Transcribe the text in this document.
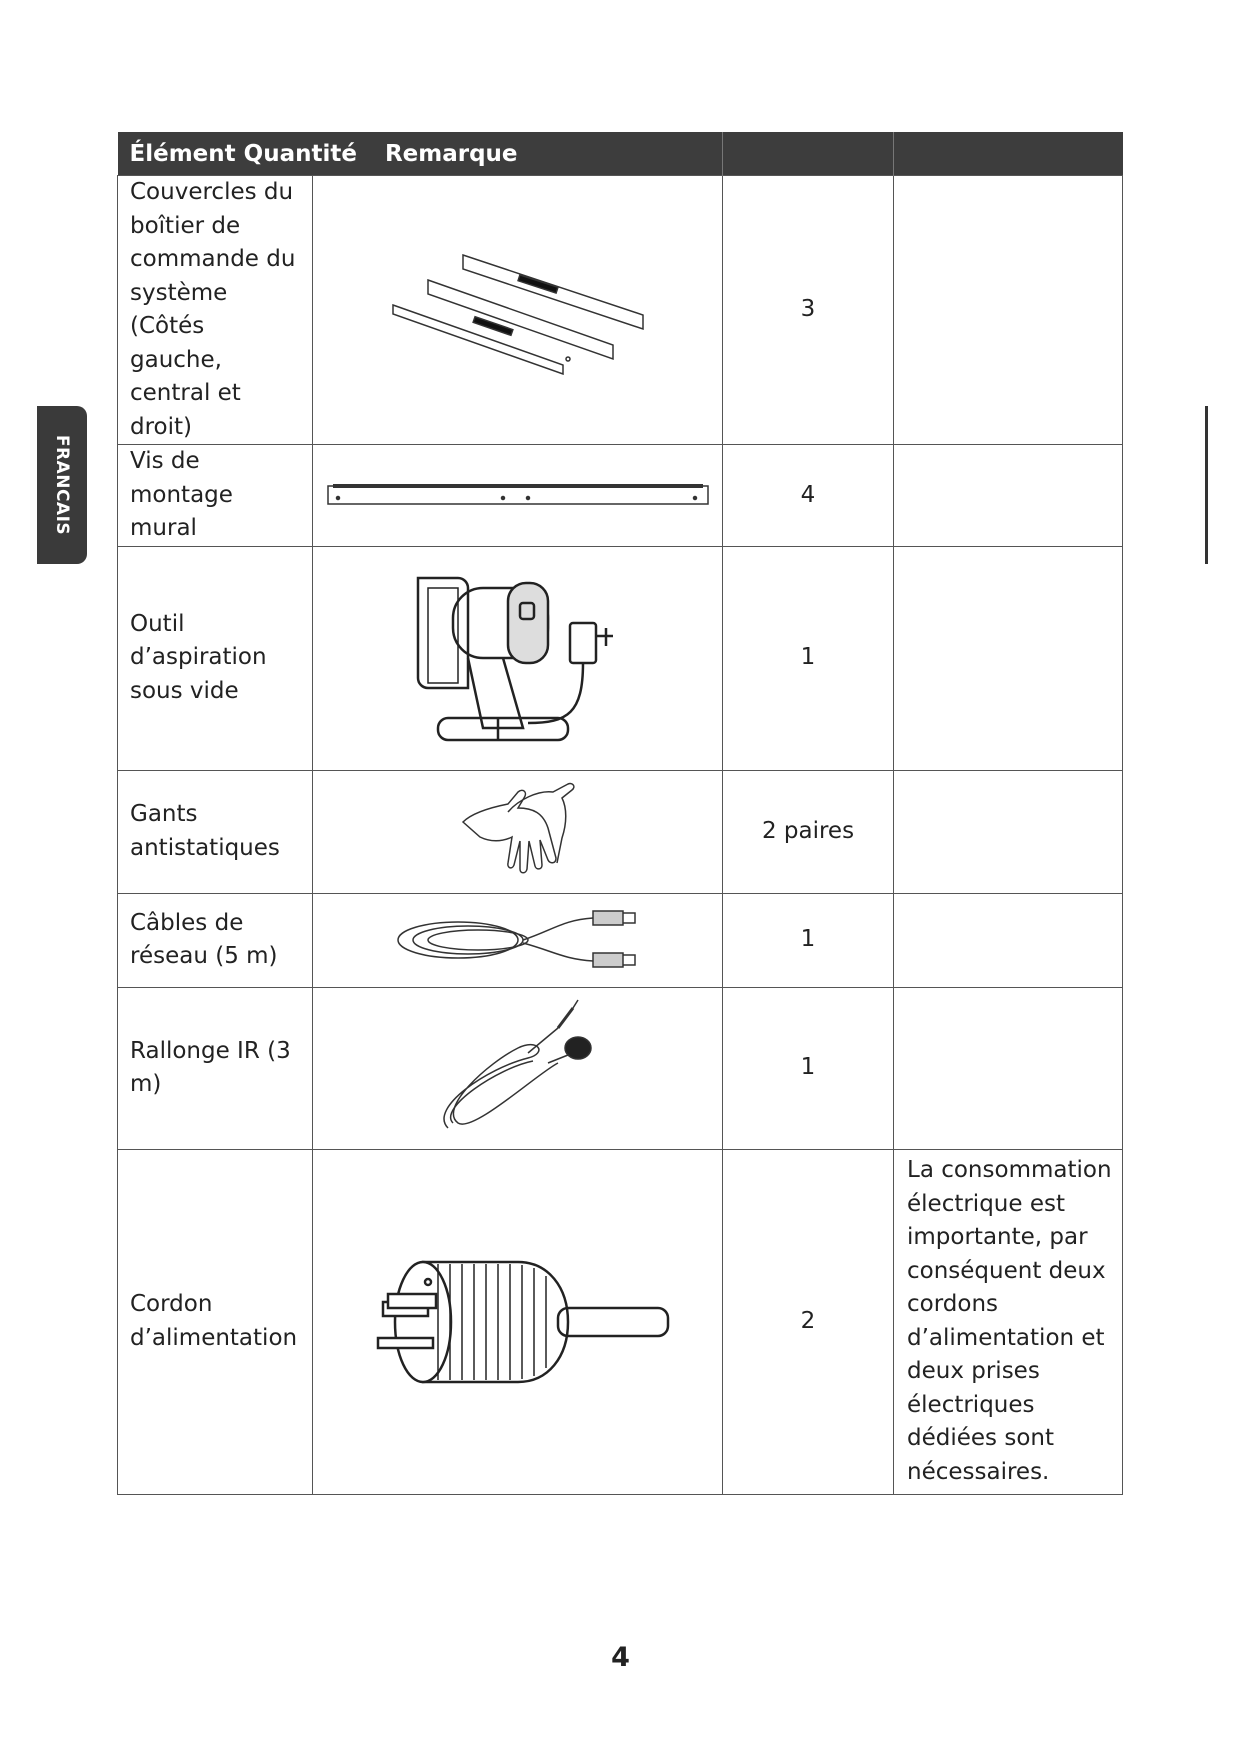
FRANCAIS
Élément Quantité Remarque			
Couvercles du boîtier de commande du système (Côtés gauche, central et droit)		3	
Vis de montage mural		4	
Outil d’aspiration sous vide		1	
Gants antistatiques		2 paires	
Câbles de réseau (5 m)		1	
Rallonge IR (3 m)		1	
Cordon d’alimentation		2	La consommation électrique est importante, par conséquent deux cordons d’alimentation et deux prises électriques dédiées sont nécessaires.
4
